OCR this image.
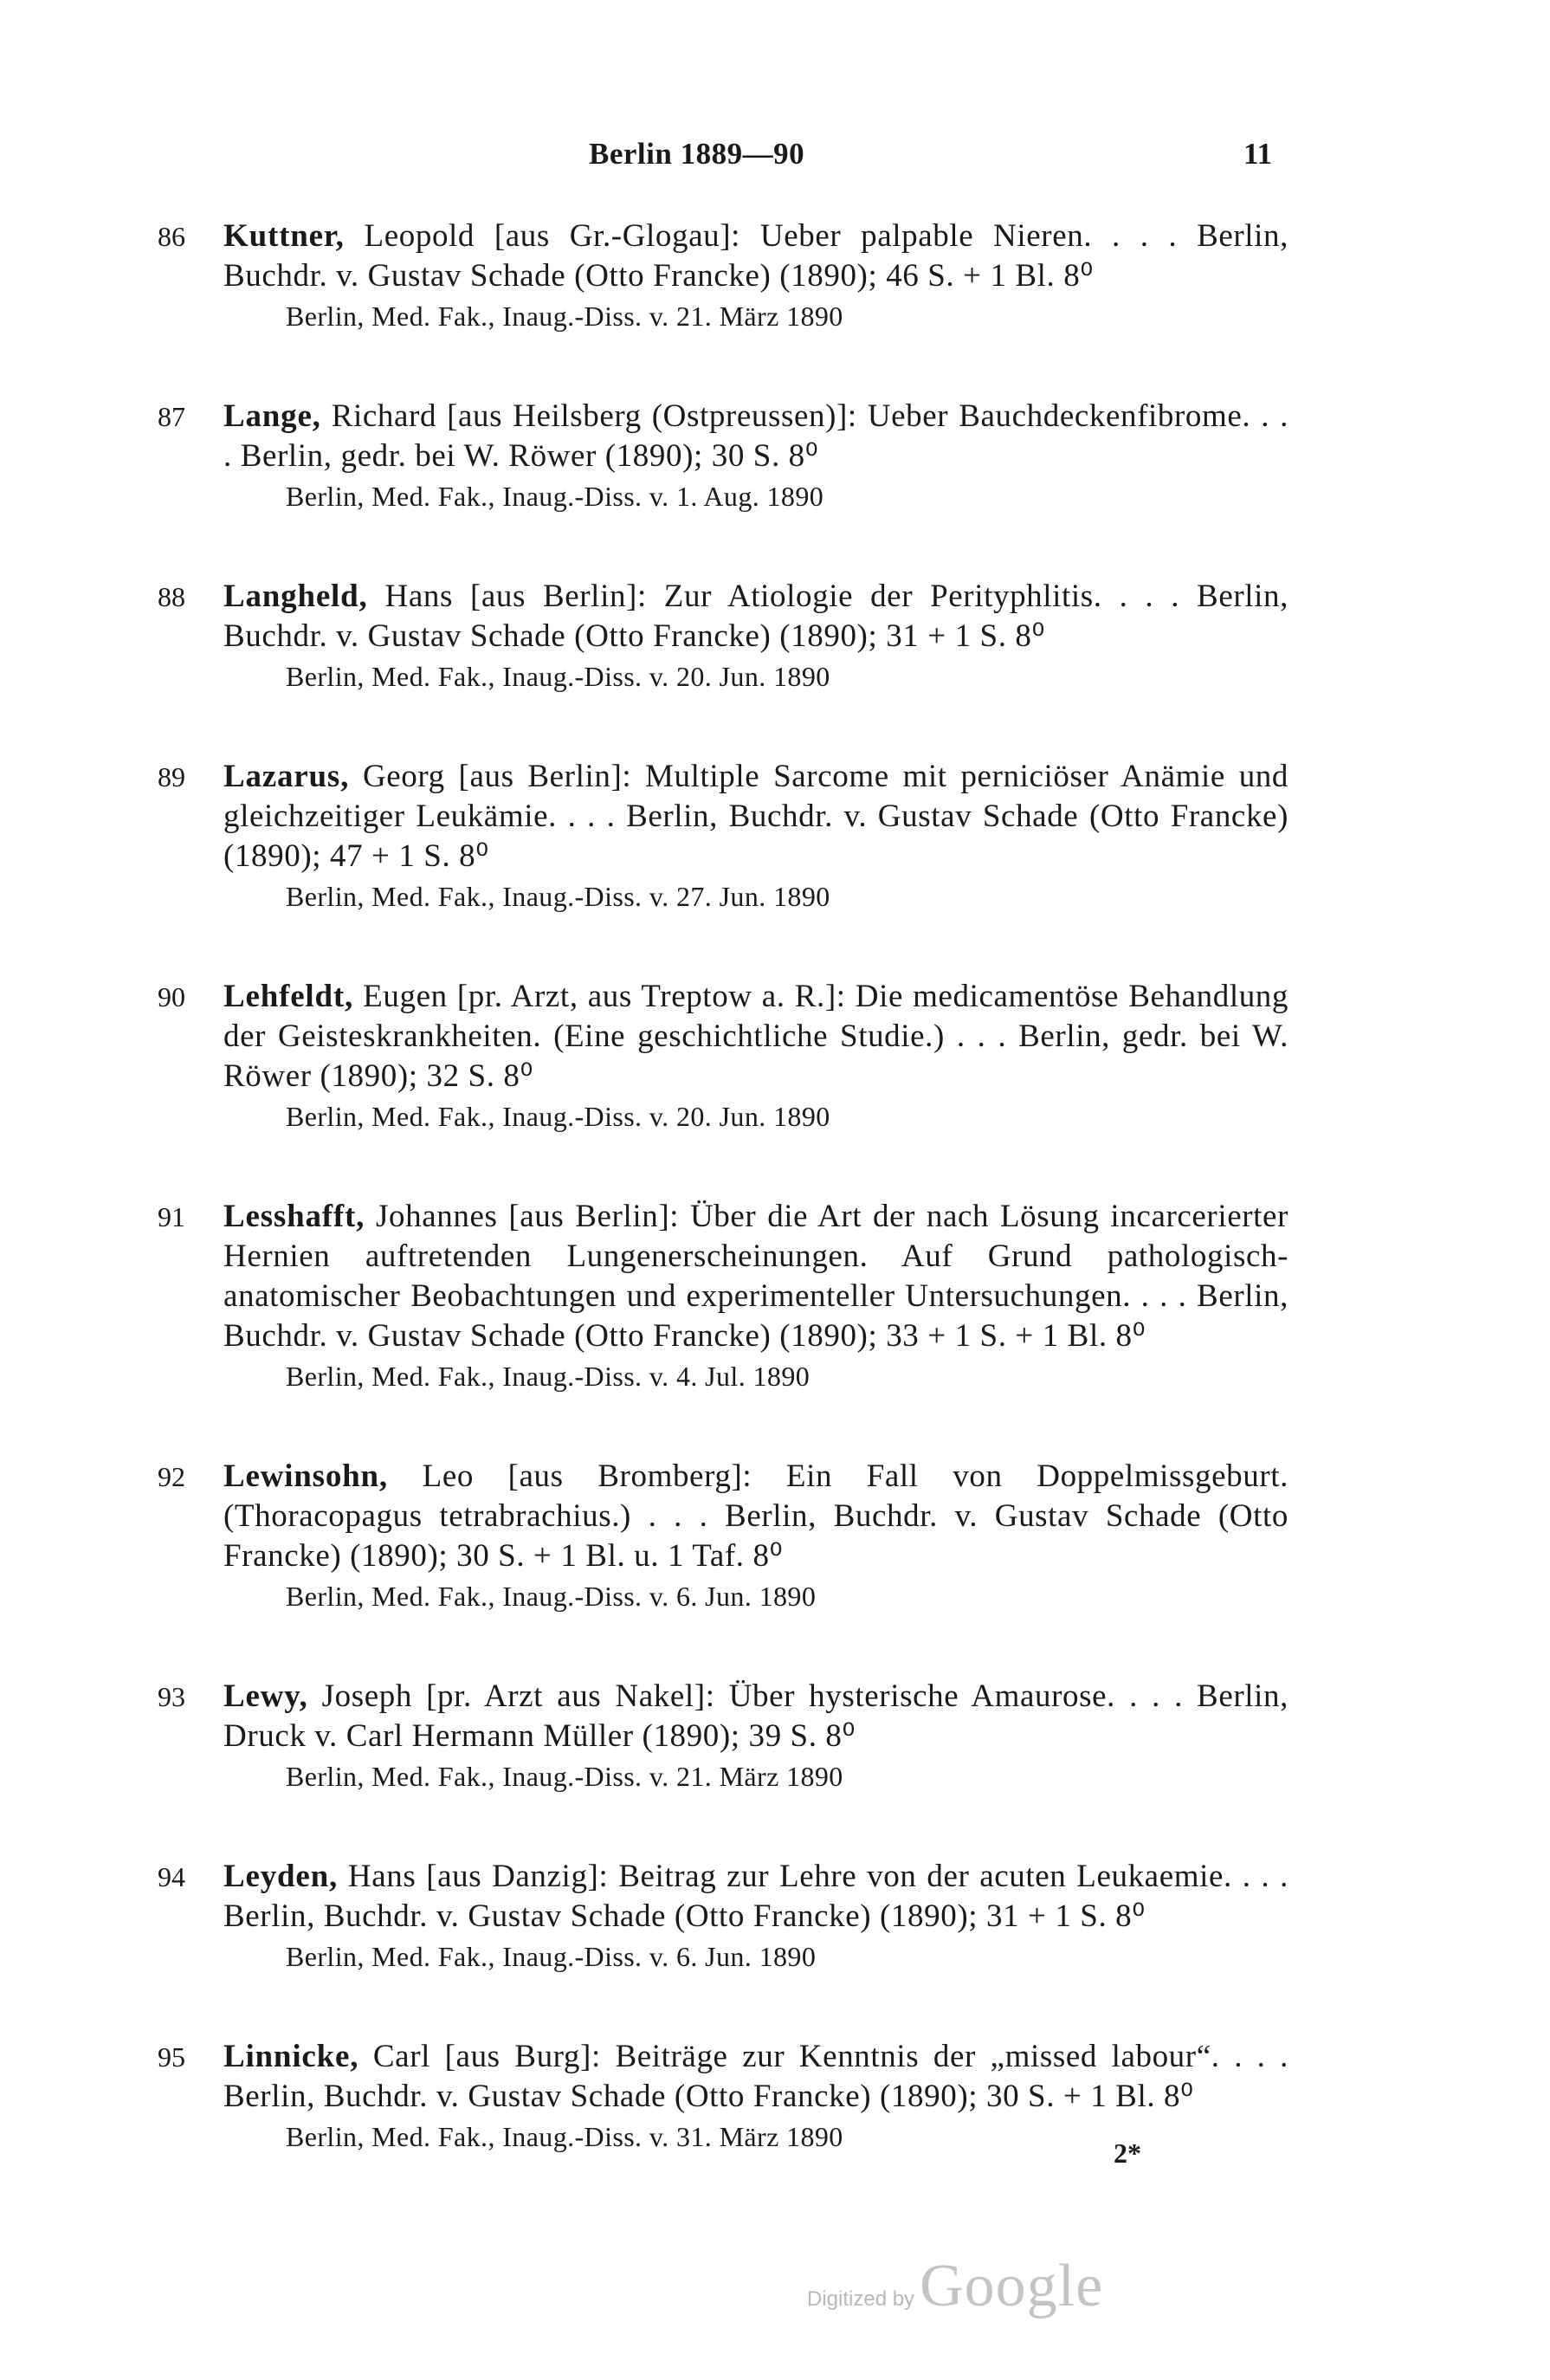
Berlin 1889—90	11
86 Kuttner, Leopold [aus Gr.-Glogau]: Ueber palpable Nieren. . . . Berlin, Buchdr. v. Gustav Schade (Otto Francke) (1890); 46 S. + 1 Bl. 8⁰
Berlin, Med. Fak., Inaug.-Diss. v. 21. März 1890
87 Lange, Richard [aus Heilsberg (Ostpreussen)]: Ueber Bauchdeckenfibrome. . . . Berlin, gedr. bei W. Röwer (1890); 30 S. 8⁰
Berlin, Med. Fak., Inaug.-Diss. v. 1. Aug. 1890
88 Langheld, Hans [aus Berlin]: Zur Atiologie der Perityphlitis. . . . Berlin, Buchdr. v. Gustav Schade (Otto Francke) (1890); 31 + 1 S. 8⁰
Berlin, Med. Fak., Inaug.-Diss. v. 20. Jun. 1890
89 Lazarus, Georg [aus Berlin]: Multiple Sarcome mit perniciöser Anämie und gleichzeitiger Leukämie. . . . Berlin, Buchdr. v. Gustav Schade (Otto Francke) (1890); 47 + 1 S. 8⁰
Berlin, Med. Fak., Inaug.-Diss. v. 27. Jun. 1890
90 Lehfeldt, Eugen [pr. Arzt, aus Treptow a. R.]: Die medicamentöse Behandlung der Geisteskrankheiten. (Eine geschichtliche Studie.) . . . Berlin, gedr. bei W. Röwer (1890); 32 S. 8⁰
Berlin, Med. Fak., Inaug.-Diss. v. 20. Jun. 1890
91 Lesshafft, Johannes [aus Berlin]: Über die Art der nach Lösung incarcerierter Hernien auftretenden Lungenerscheinungen. Auf Grund pathologisch-anatomischer Beobachtungen und experimenteller Untersuchungen. . . . Berlin, Buchdr. v. Gustav Schade (Otto Francke) (1890); 33 + 1 S. + 1 Bl. 8⁰
Berlin, Med. Fak., Inaug.-Diss. v. 4. Jul. 1890
92 Lewinsohn, Leo [aus Bromberg]: Ein Fall von Doppelmissgeburt. (Thoracopagus tetrabrachius.) . . . Berlin, Buchdr. v. Gustav Schade (Otto Francke) (1890); 30 S. + 1 Bl. u. 1 Taf. 8⁰
Berlin, Med. Fak., Inaug.-Diss. v. 6. Jun. 1890
93 Lewy, Joseph [pr. Arzt aus Nakel]: Über hysterische Amaurose. . . . Berlin, Druck v. Carl Hermann Müller (1890); 39 S. 8⁰
Berlin, Med. Fak., Inaug.-Diss. v. 21. März 1890
94 Leyden, Hans [aus Danzig]: Beitrag zur Lehre von der acuten Leukaemie. . . . Berlin, Buchdr. v. Gustav Schade (Otto Francke) (1890); 31 + 1 S. 8⁰
Berlin, Med. Fak., Inaug.-Diss. v. 6. Jun. 1890
95 Linnicke, Carl [aus Burg]: Beiträge zur Kenntnis der „missed labour“. . . . Berlin, Buchdr. v. Gustav Schade (Otto Francke) (1890); 30 S. + 1 Bl. 8⁰
Berlin, Med. Fak., Inaug.-Diss. v. 31. März 1890
2*
Digitized by Google
